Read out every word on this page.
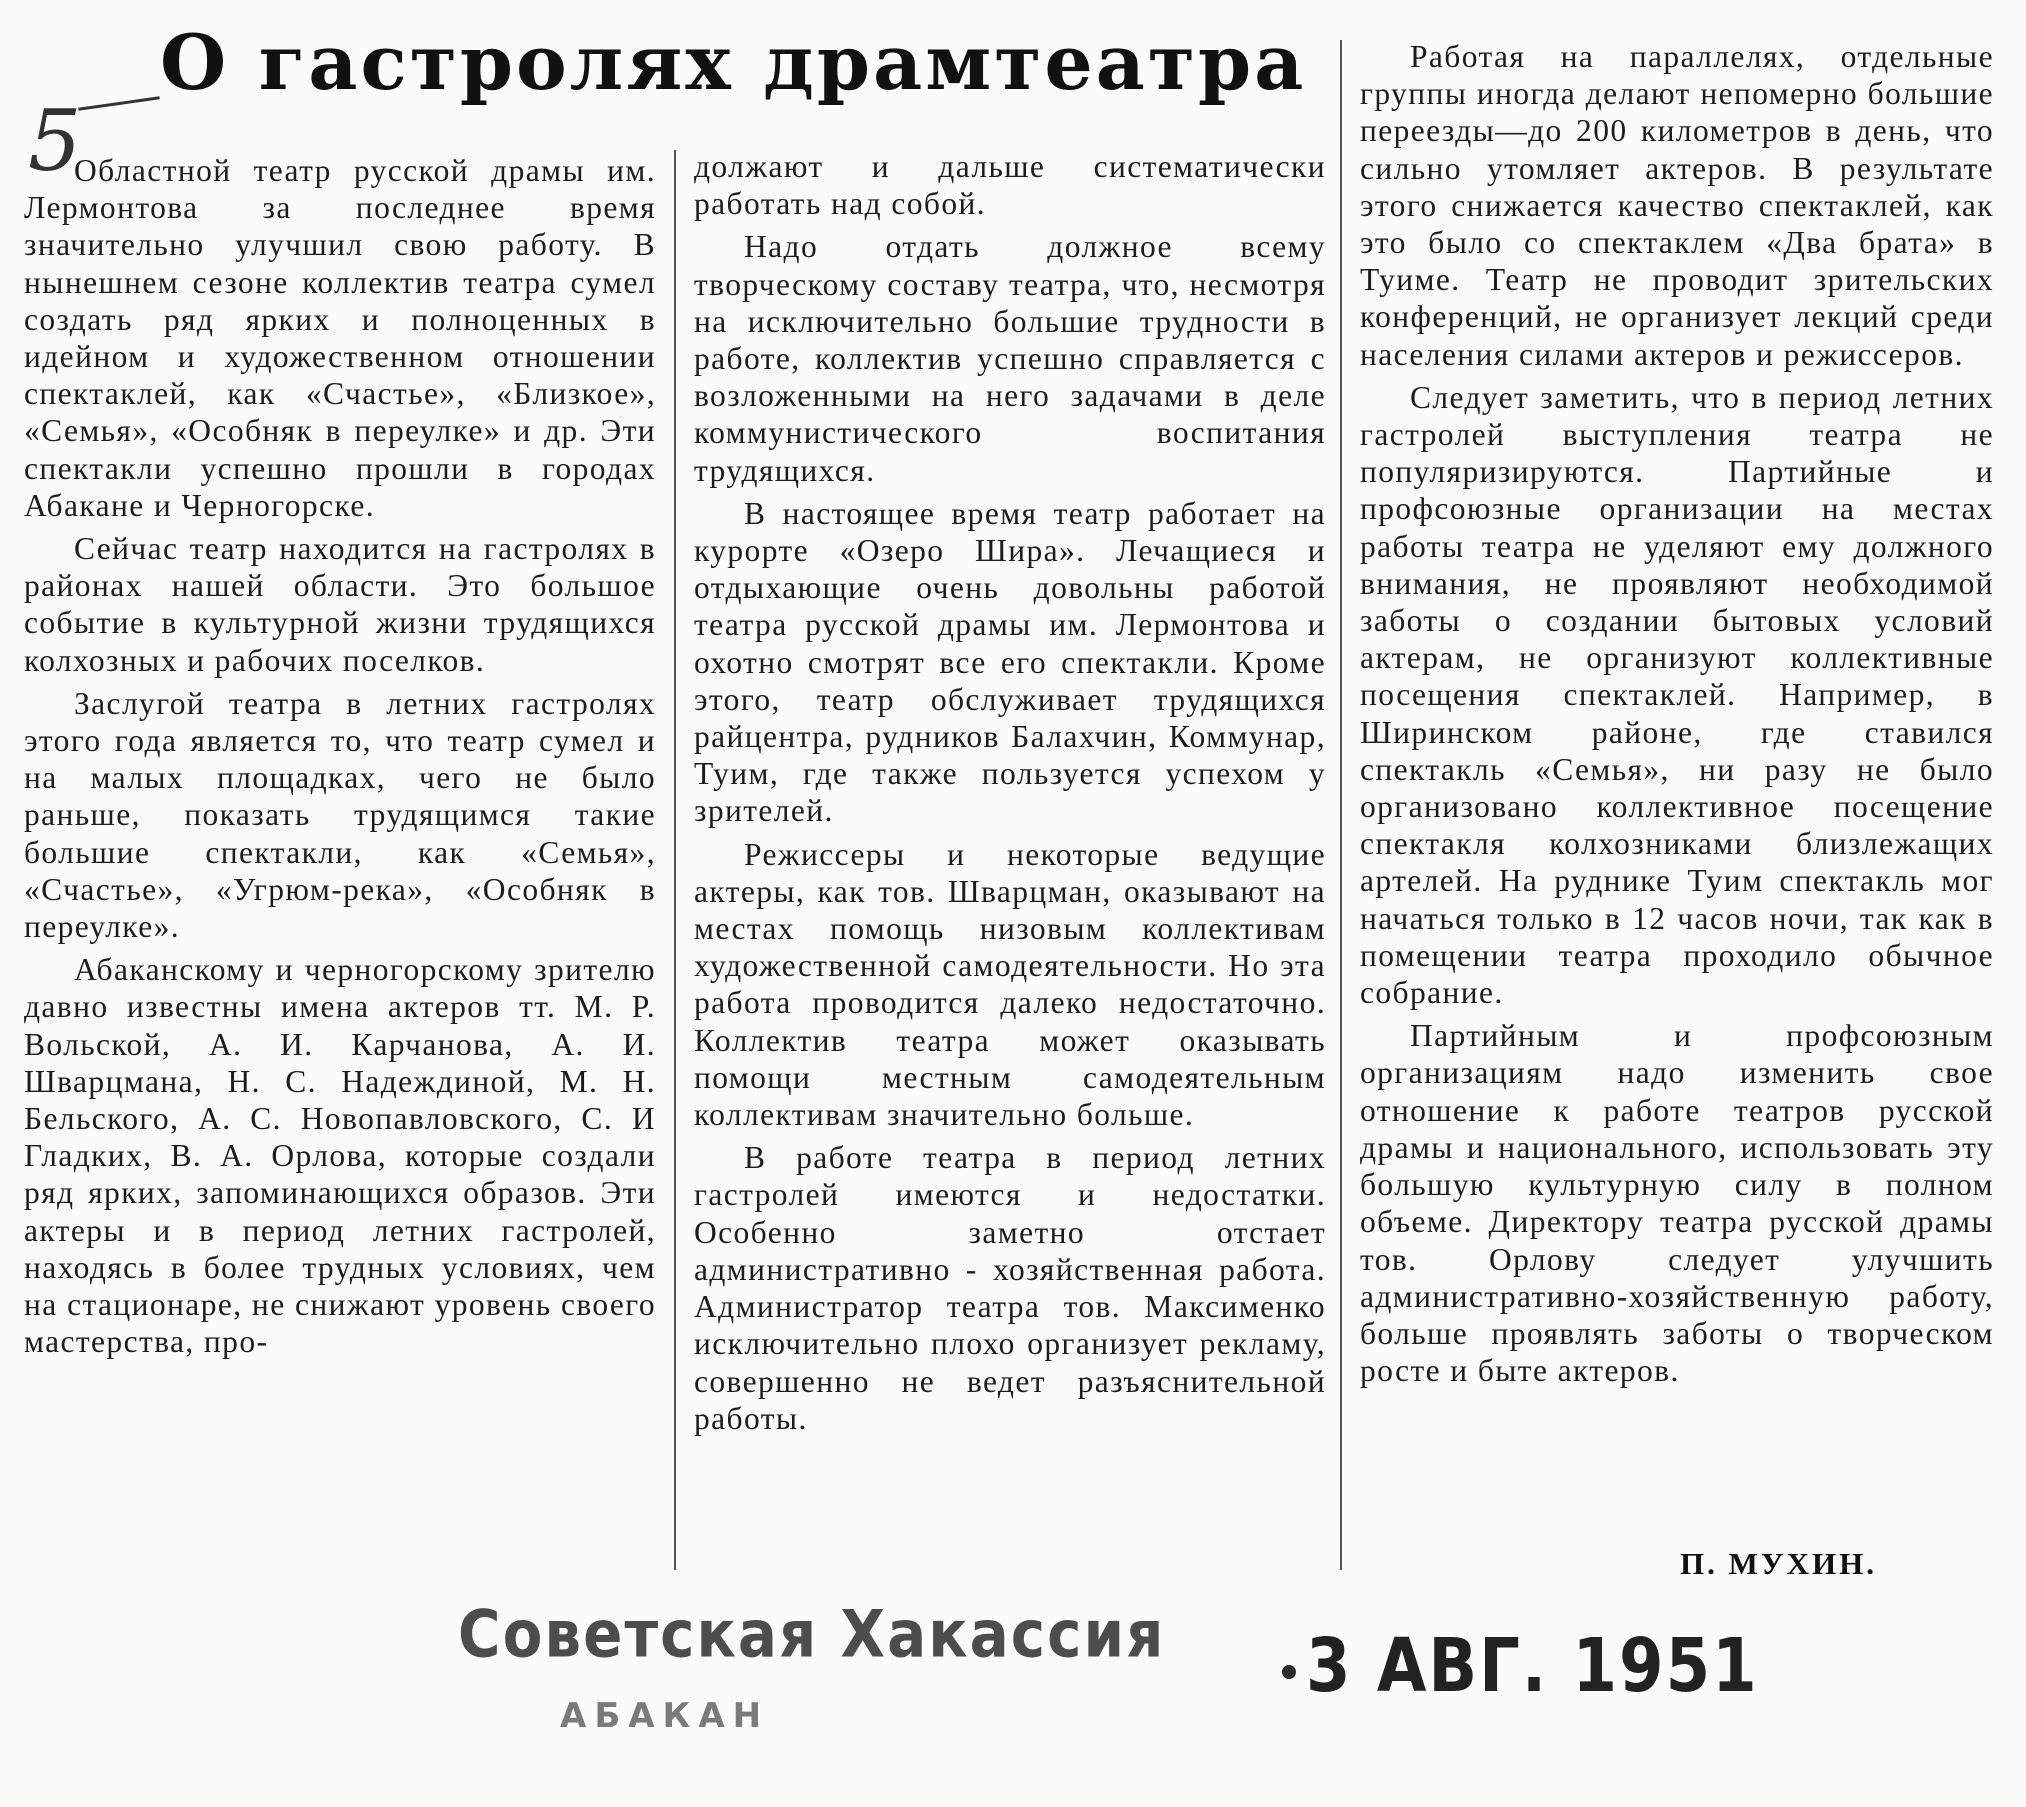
5
О гастролях драмтеатра

Областной театр русской драмы им. Лермонтова за последнее время значительно улучшил свою работу. В нынешнем сезоне коллектив театра сумел создать ряд ярких и полноценных в идейном и художественном отношении спектаклей, как «Счастье», «Близкое», «Семья», «Особняк в переулке» и др. Эти спектакли успешно прошли в городах Абакане и Черногорске.

Сейчас театр находится на гастролях в районах нашей области. Это большое событие в культурной жизни трудящихся колхозных и рабочих поселков.

Заслугой театра в летних гастролях этого года является то, что театр сумел и на малых площадках, чего не было раньше, показать трудящимся такие большие спектакли, как «Семья», «Счастье», «Угрюм-река», «Особняк в переулке».

Абаканскому и черногорскому зрителю давно известны имена актеров тт. М. Р. Вольской, А. И. Карчанова, А. И. Шварцмана, Н. С. Надеждиной, М. Н. Бельского, А. С. Новопавловского, С. И Гладких, В. А. Орлова, которые создали ряд ярких, запоминающихся образов. Эти актеры и в период летних гастролей, находясь в более трудных условиях, чем на стационаре, не снижают уровень своего мастерства, про-

должают и дальше систематически работать над собой.

Надо отдать должное всему творческому составу театра, что, несмотря на исключительно большие трудности в работе, коллектив успешно справляется с возложенными на него задачами в деле коммунистического воспитания трудящихся.

В настоящее время театр работает на курорте «Озеро Шира». Лечащиеся и отдыхающие очень довольны работой театра русской драмы им. Лермонтова и охотно смотрят все его спектакли. Кроме этого, театр обслуживает трудящихся райцентра, рудников Балахчин, Коммунар, Туим, где также пользуется успехом у зрителей.

Режиссеры и некоторые ведущие актеры, как тов. Шварцман, оказывают на местах помощь низовым коллективам художественной самодеятельности. Но эта работа проводится далеко недостаточно. Коллектив театра может оказывать помощи местным самодеятельным коллективам значительно больше.

В работе театра в период летних гастролей имеются и недостатки. Особенно заметно отстает административно - хозяйственная работа. Администратор театра тов. Максименко исключительно плохо организует рекламу, совершенно не ведет разъяснительной работы.

Работая на параллелях, отдельные группы иногда делают непомерно большие переезды—до 200 километров в день, что сильно утомляет актеров. В результате этого снижается качество спектаклей, как это было со спектаклем «Два брата» в Туиме. Театр не проводит зрительских конференций, не организует лекций среди населения силами актеров и режиссеров.

Следует заметить, что в период летних гастролей выступления театра не популяризируются. Партийные и профсоюзные организации на местах работы театра не уделяют ему должного внимания, не проявляют необходимой заботы о создании бытовых условий актерам, не организуют коллективные посещения спектаклей. Например, в Ширинском районе, где ставился спектакль «Семья», ни разу не было организовано коллективное посещение спектакля колхозниками близлежащих артелей. На руднике Туим спектакль мог начаться только в 12 часов ночи, так как в помещении театра проходило обычное собрание.

Партийным и профсоюзным организациям надо изменить свое отношение к работе театров русской драмы и национального, использовать эту большую культурную силу в полном объеме. Директору театра русской драмы тов. Орлову следует улучшить административно-хозяйственную работу, больше проявлять заботы о творческом росте и быте актеров.

П. МУХИН.
Советская Хакассия
АБАКАН
3 АВГ. 1951
